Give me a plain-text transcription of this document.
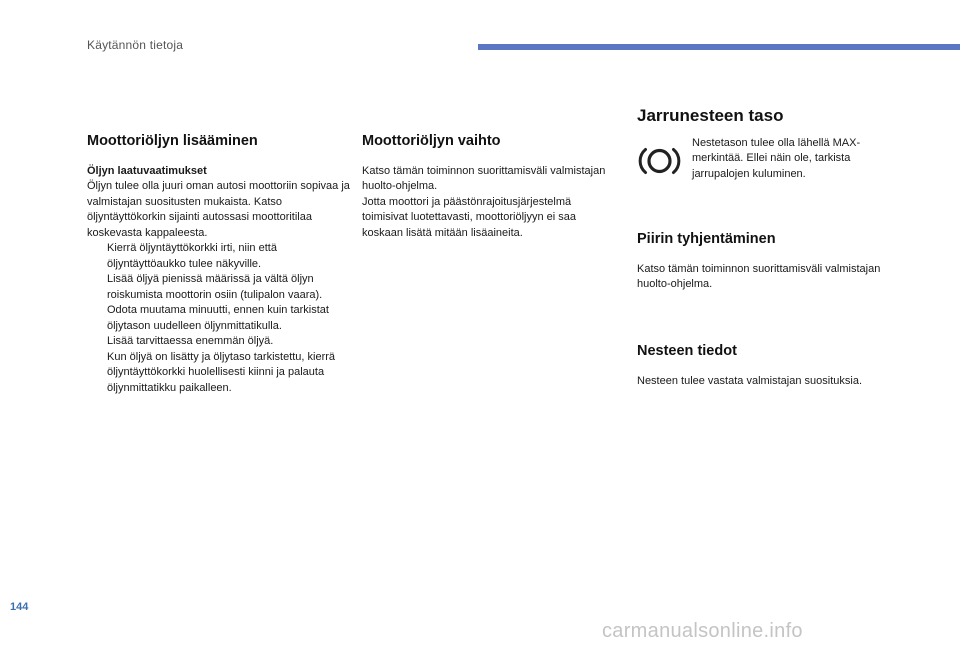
Käytännön tietoja
Moottoriöljyn lisääminen
Öljyn laatuvaatimukset

Öljyn tulee olla juuri oman autosi moottoriin sopivaa ja valmistajan suositusten mukaista. Katso öljyntäyttökorkin sijainti autossasi moottoritilaa koskevasta kappaleesta.

Kierrä öljyntäyttökorkki irti, niin että öljyntäyttöaukko tulee näkyville.
Lisää öljyä pienissä määrissä ja vältä öljyn roiskumista moottorin osiin (tulipalon vaara).
Odota muutama minuutti, ennen kuin tarkistat öljytason uudelleen öljynmittatikulla.
Lisää tarvittaessa enemmän öljyä.
Kun öljyä on lisätty ja öljytaso tarkistettu, kierrä öljyntäyttökorkki huolellisesti kiinni ja palauta öljynmittatikku paikalleen.
Moottoriöljyn vaihto

Katso tämän toiminnon suorittamisväli valmistajan huolto-ohjelma.

Jotta moottori ja päästönrajoitusjärjestelmä toimisivat luotettavasti, moottoriöljyyn ei saa koskaan lisätä mitään lisäaineita.

Jarrunesteen taso

Nestetason tulee olla lähellä MAX-merkintää. Ellei näin ole, tarkista jarrupalojen kuluminen.

Piirin tyhjentäminen

Katso tämän toiminnon suorittamisväli valmistajan huolto-ohjelma.

Nesteen tiedot

Nesteen tulee vastata valmistajan suosituksia.

144
carmanualsonline.info
